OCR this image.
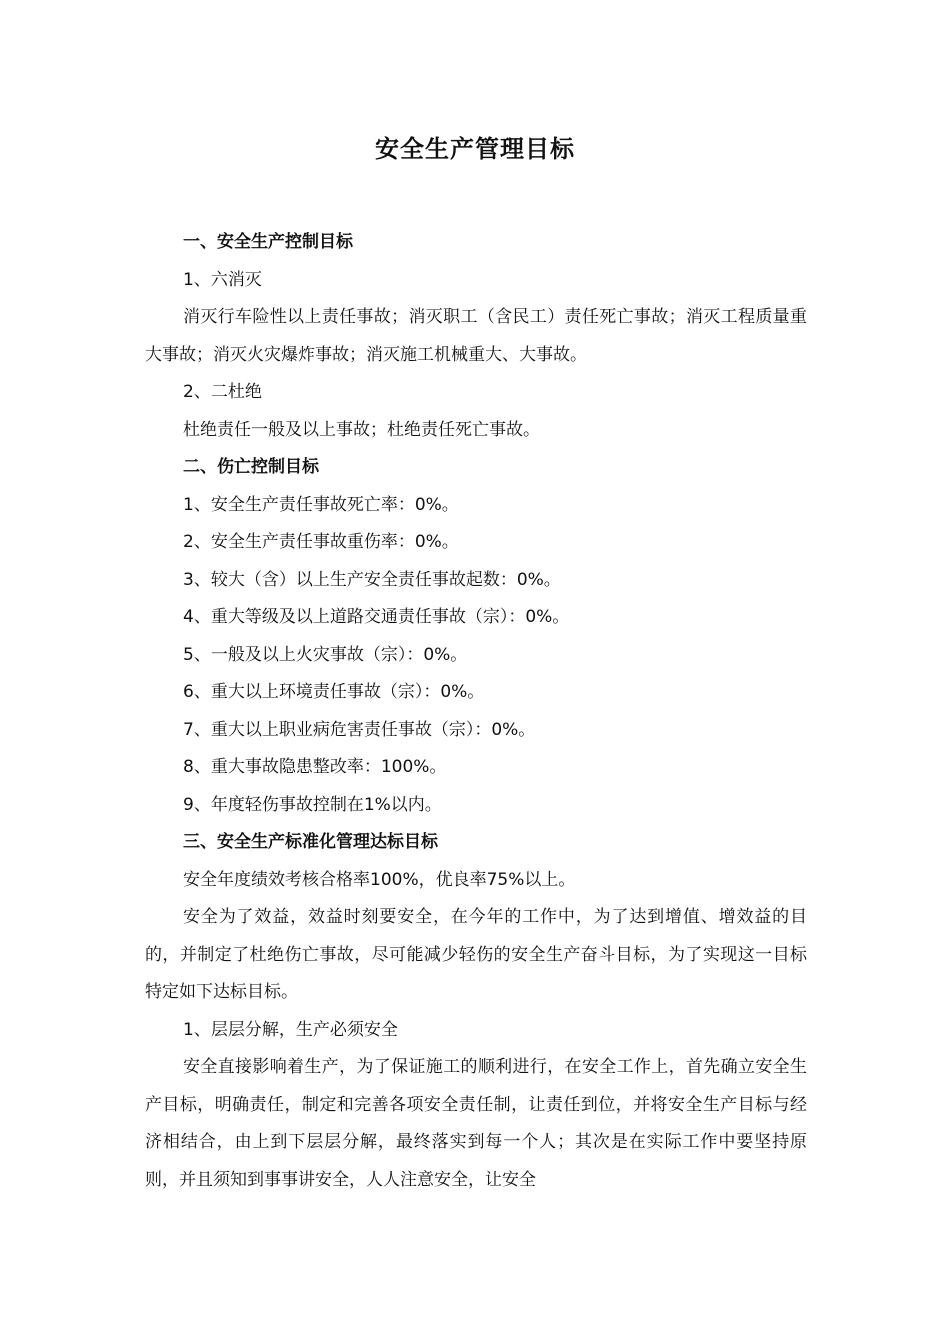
安全生产管理目标

一、安全生产控制目标

1、六消灭

消灭行车险性以上责任事故；消灭职工（含民工）责任死亡事故；消灭工程质量重大事故；消灭火灾爆炸事故；消灭施工机械重大、大事故。

2、二杜绝

杜绝责任一般及以上事故；杜绝责任死亡事故。

二、伤亡控制目标

1、安全生产责任事故死亡率：0%。

2、安全生产责任事故重伤率：0%。

3、较大（含）以上生产安全责任事故起数：0%。

4、重大等级及以上道路交通责任事故（宗）：0%。

5、一般及以上火灾事故（宗）：0%。

6、重大以上环境责任事故（宗）：0%。

7、重大以上职业病危害责任事故（宗）：0%。

8、重大事故隐患整改率：100%。

9、年度轻伤事故控制在1%以内。

三、安全生产标准化管理达标目标

安全年度绩效考核合格率100%，优良率75%以上。

安全为了效益，效益时刻要安全，在今年的工作中，为了达到增值、增效益的目的，并制定了杜绝伤亡事故，尽可能减少轻伤的安全生产奋斗目标，为了实现这一目标特定如下达标目标。

1、层层分解，生产必须安全

安全直接影响着生产，为了保证施工的顺利进行，在安全工作上，首先确立安全生产目标，明确责任，制定和完善各项安全责任制，让责任到位，并将安全生产目标与经济相结合，由上到下层层分解，最终落实到每一个人；其次是在实际工作中要坚持原则，并且须知到事事讲安全，人人注意安全，让安全
